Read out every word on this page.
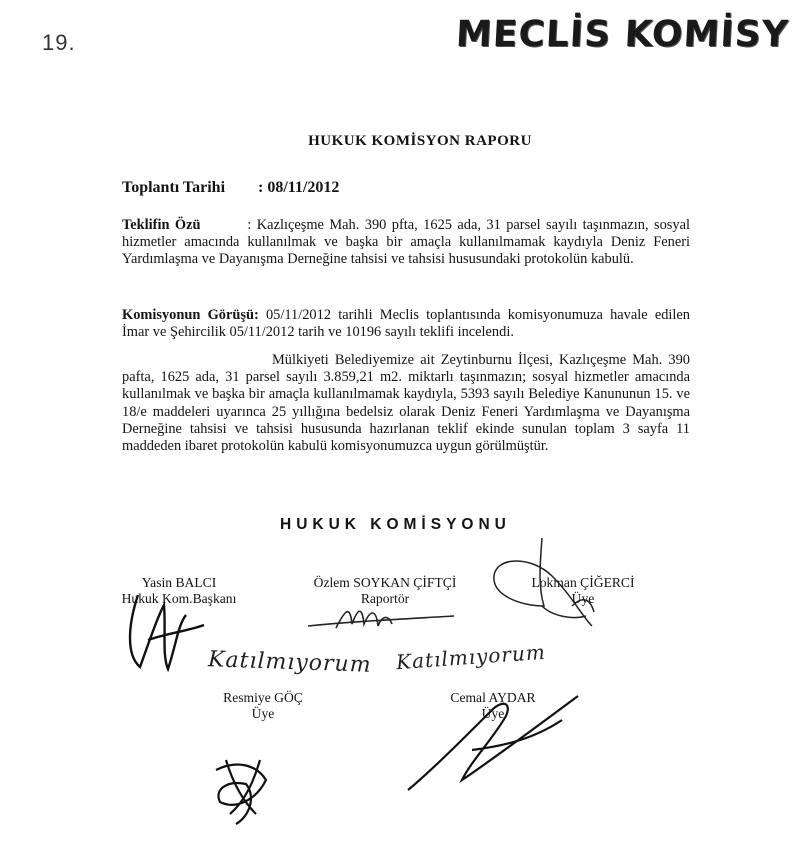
19.	MECLİS KOMİSY
HUKUK KOMİSYON RAPORU
Toplantı Tarihi : 08/11/2012
Teklifin Özü	: Kazlıçeşme Mah. 390 pfta, 1625 ada, 31 parsel sayılı taşınmazın, sosyal hizmetler amacında kullanılmak ve başka bir amaçla kullanılmamak kaydıyla Deniz Feneri Yardımlaşma ve Dayanışma Derneğine tahsisi ve tahsisi hususundaki protokolün kabulü.
Komisyonun Görüşü: 05/11/2012 tarihli Meclis toplantısında komisyonumuza havale edilen İmar ve Şehircilik 05/11/2012 tarih ve 10196 sayılı teklifi incelendi.
Mülkiyeti Belediyemize ait Zeytinburnu İlçesi, Kazlıçeşme Mah. 390 pafta, 1625 ada, 31 parsel sayılı 3.859,21 m2. miktarlı taşınmazın; sosyal hizmetler amacında kullanılmak ve başka bir amaçla kullanılmamak kaydıyla, 5393 sayılı Belediye Kanununun 15. ve 18/e maddeleri uyarınca 25 yıllığına bedelsiz olarak Deniz Feneri Yardımlaşma ve Dayanışma Derneğine tahsisi ve tahsisi hususunda hazırlanan teklif ekinde sunulan toplam 3 sayfa 11 maddeden ibaret protokolün kabulü komisyonumuzca uygun görülmüştür.
HUKUK KOMİSYONU
Yasin BALCI
Hukuk Kom.Başkanı
Özlem SOYKAN ÇİFTÇİ
Raportör
Lokman ÇİĞERCİ
Üye
Resmiye GÖÇ
Üye
Cemal AYDAR
Üye
Katılmıyorum Katılmıyorum
